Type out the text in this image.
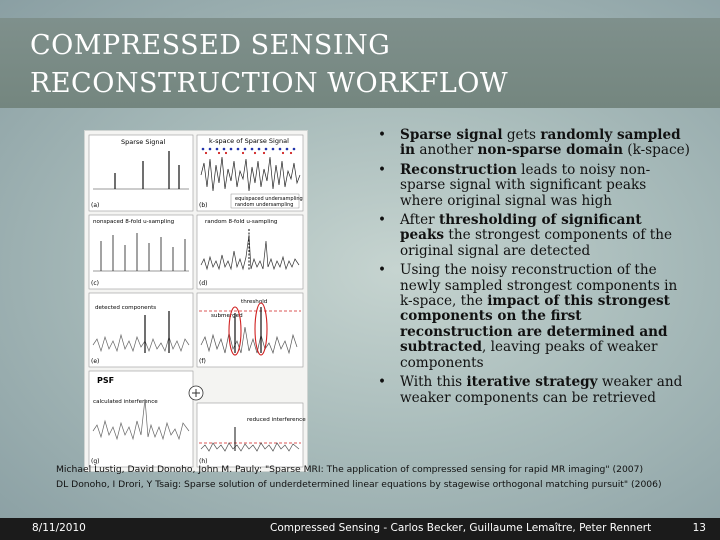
COMPRESSED SENSING
RECONSTRUCTION WORKFLOW
Sparse Signal
(a)
k-space of Sparse Signal
equispaced undersampling
random undersampling
(b)
nonspaced 8-fold u-sampling
(c)
random 8-fold u-sampling
(d)
detected components
(e)
threshold
submerged
(f)
PSF
calculated interference
(g)
reduced interference
(h)
• Sparse signal gets randomly sampled in another non-sparse domain (k-space)
• Reconstruction leads to noisy non-sparse signal with significant peaks where original signal was high
• After thresholding of significant peaks the strongest components of the original signal are detected
• Using the noisy reconstruction of the newly sampled strongest components in k-space, the impact of this strongest components on the first reconstruction are determined and subtracted, leaving peaks of weaker components
• With this iterative strategy weaker and weaker components can be retrieved
Michael Lustig, David Donoho, John M. Pauly: "Sparse MRI: The application of compressed sensing for rapid MR imaging" (2007)
DL Donoho, I Drori, Y Tsaig: Sparse solution of underdetermined linear equations by stagewise orthogonal matching pursuit" (2006)
8/11/2010	Compressed Sensing - Carlos Becker, Guillaume Lemaître, Peter Rennert	13
